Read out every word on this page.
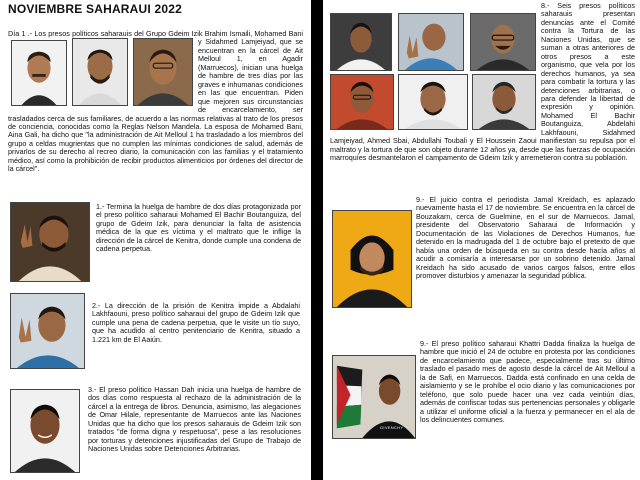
NOVIEMBRE SAHARAUI 2022

Día 1 .- Los presos políticos saharauis del Grupo Gdeim Izik Brahim Ismaili, Mohamed Bani y Sidahmed Lamjeiyad, que se encuentran en la cárcel de Ait Melloul 1, en Agadir (Marruecos), inician una huelga de hambre de tres días por las graves e inhumanas condiciones en las que encuentran. Piden que mejoren sus circunstancias de encarcelamiento, ser trasladados cerca de sus familiares, de acuerdo a las normas relativas al trato de los presos de conciencia, conocidas como la Reglas Nelson Mandela. La esposa de Mohamed Bani, Aina Gali, ha dicho que "la administración de Ait Melloul 1 ha trasladado a los miembros del grupo a celdas mugrientas que no cumplen las mínimas condiciones de salud, además de privarlos de su derecho al recreo diario, la comunicación con las familias y el tratamiento médico, así como la prohibición de recibir productos alimenticios por órdenes del director de la cárcel".

1.- Termina la huelga de hambre de dos días protagonizada por el preso político saharaui Mohamed El Bachir Boutanguiza, del grupo de Gdeim Izik, para denunciar la falta de asistencia médica de la que es víctima y el maltrato que le inflige la dirección de la cárcel de Kenitra, donde cumple una condena de cadena perpetua.

2.- La dirección de la prisión de Kenitra impide a Abdalahi Lakhfaouni, preso político saharaui del grupo de Gdeim Izik que cumple una pena de cadena perpetua, que le visite un tío suyo, que ha acudido al centro penitenciario de Kenitra, situado a 1.221 km de El Aaiún.

3.- El preso político Hassan Dah inicia una huelga de hambre de dos días como respuesta al rechazo de la administración de la cárcel a la entrega de libros. Denuncia, asimismo, las alegaciones de Omar Hilale, representante de Marruecos ante las Naciones Unidas que ha dicho que los presos saharauis de Gdeim Izik son tratados "de forma digna y respetuosa", pese a las resoluciones por torturas y detenciones injustificadas del Grupo de Trabajo de Naciones Unidas sobre Detenciones Arbitrarias.

8.- Seis presos políticos saharauis presentan denuncias ante el Comité contra la Tortura de las Naciones Unidas, que se suman a otras anteriores de otros presos a este organismo, que vela por los derechos humanos, ya sea para combatir la tortura y las detenciones arbitrarias, o para defender la libertad de expresión y opinión. Mohamed El Bachir Boutanguiza, Abdelahi Lakhfaouni, Sidahmed Lamjeiyad, Ahmed Sbai, Abdullahi Toubali y El Houssein Zaoui manifiestan su repulsa por el maltrato y la tortura de que son objeto durante 12 años ya, desde que las fuerzas de ocupación marroquíes desmantelaron el campamento de Gdeim Izik y arremetieron contra su población.

9.- El juicio contra el periodista Jamal Kreidach, es aplazado nuevamente hasta el 17 de noviembre. Se encuentra en la cárcel de Bouzakarn, cerca de Guelmine, en el sur de Marruecos. Jamal, presidente del Observatorio Saharaui de Información y Documentación de las Violaciones de Derechos Humanos, fue detenido en la madrugada del 1 de octubre bajo el pretexto de que había una orden de búsqueda en su contra desde hacía años al acudir a comisaría a interesarse por un sobrino detenido. Jamal Kreidach ha sido acusado de varios cargos falsos, entre ellos promover disturbios y amenazar la seguridad pública.

GIVENCHY

9.- El preso político saharaui Khattri Dadda finaliza la huelga de hambre que inició el 24 de octubre en protesta por las condiciones de encarcelamiento que padece, especialmente tras su último traslado el pasado mes de agosto desde la cárcel de Ait Melloul a la de Safi, en Marruecos. Dadda está confinado en una celda de aislamiento y se le prohíbe el ocio diario y las comunicaciones por teléfono, que solo puede hacer una vez cada veintiún días, además de confiscar todas sus pertenencias personales y obligarle a utilizar el uniforme oficial a la fuerza y permanecer en el ala de los delincuentes comunes.
